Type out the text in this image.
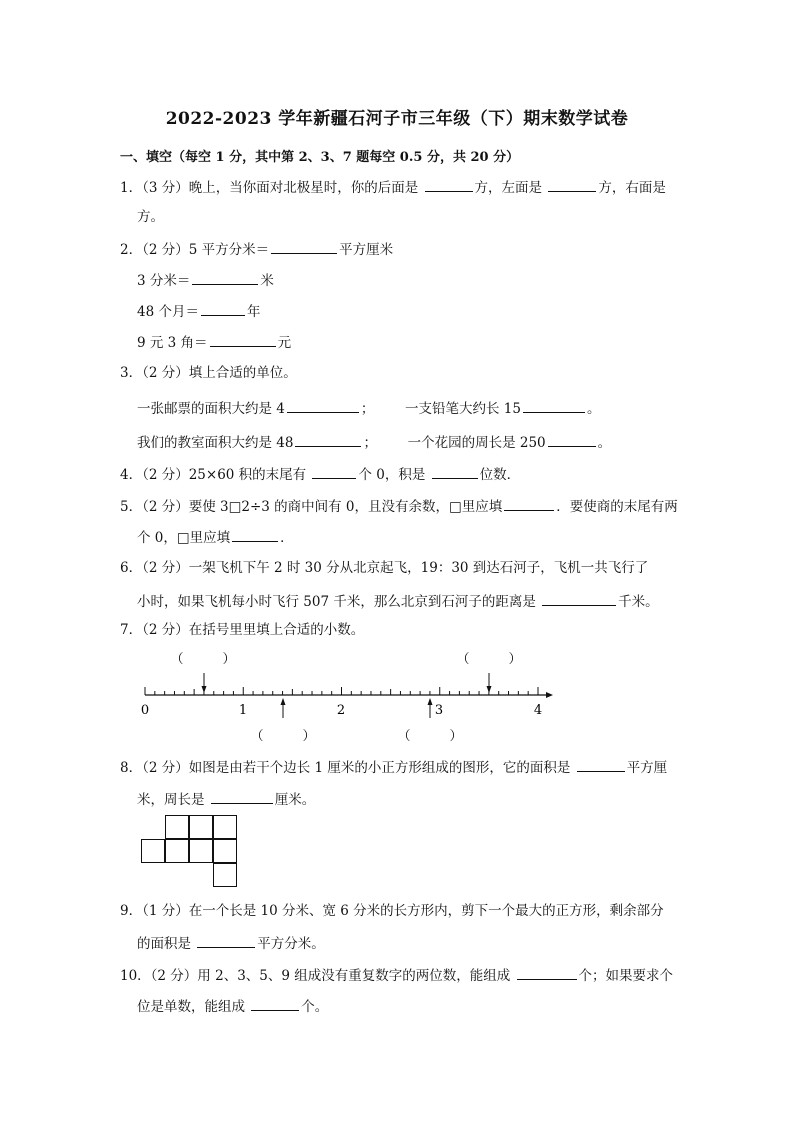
2022-2023 学年新疆石河子市三年级（下）期末数学试卷
一、填空（每空 1 分，其中第 2、3、7 题每空 0.5 分，共 20 分）
1．（3 分）晚上，当你面对北极星时，你的后面是	方，左面是	方，右面是
方。
2．（2 分）5 平方分米＝	平方厘米
3 分米＝	米
48 个月＝	年
9 元 3 角＝	元
3．（2 分）填上合适的单位。
一张邮票的面积大约是 4	； 一支铅笔大约长 15	。
我们的教室面积大约是 48	； 一个花园的周长是 250	。
4．（2 分）25×60 积的末尾有	个 0，积是	位数．
5．（2 分）要使 3□2÷3 的商中间有 0，且没有余数，□里应填	．要使商的末尾有两
个 0，□里应填	．
6．（2 分）一架飞机下午 2 时 30 分从北京起飞，19：30 到达石河子，飞机一共飞行了
小时，如果飞机每小时飞行 507 千米，那么北京到石河子的距离是	千米。
7．（2 分）在括号里里填上合适的小数。
0	1	2	3	4
（　　　）	（　　　）
（　　　）	（　　　）
8．（2 分）如图是由若干个边长 1 厘米的小正方形组成的图形，它的面积是	平方厘
米，周长是	厘米。
9．（1 分）在一个长是 10 分米、宽 6 分米的长方形内，剪下一个最大的正方形，剩余部分
的面积是	平方分米。
10．（2 分）用 2、3、5、9 组成没有重复数字的两位数，能组成	个；如果要求个
位是单数，能组成	个。
